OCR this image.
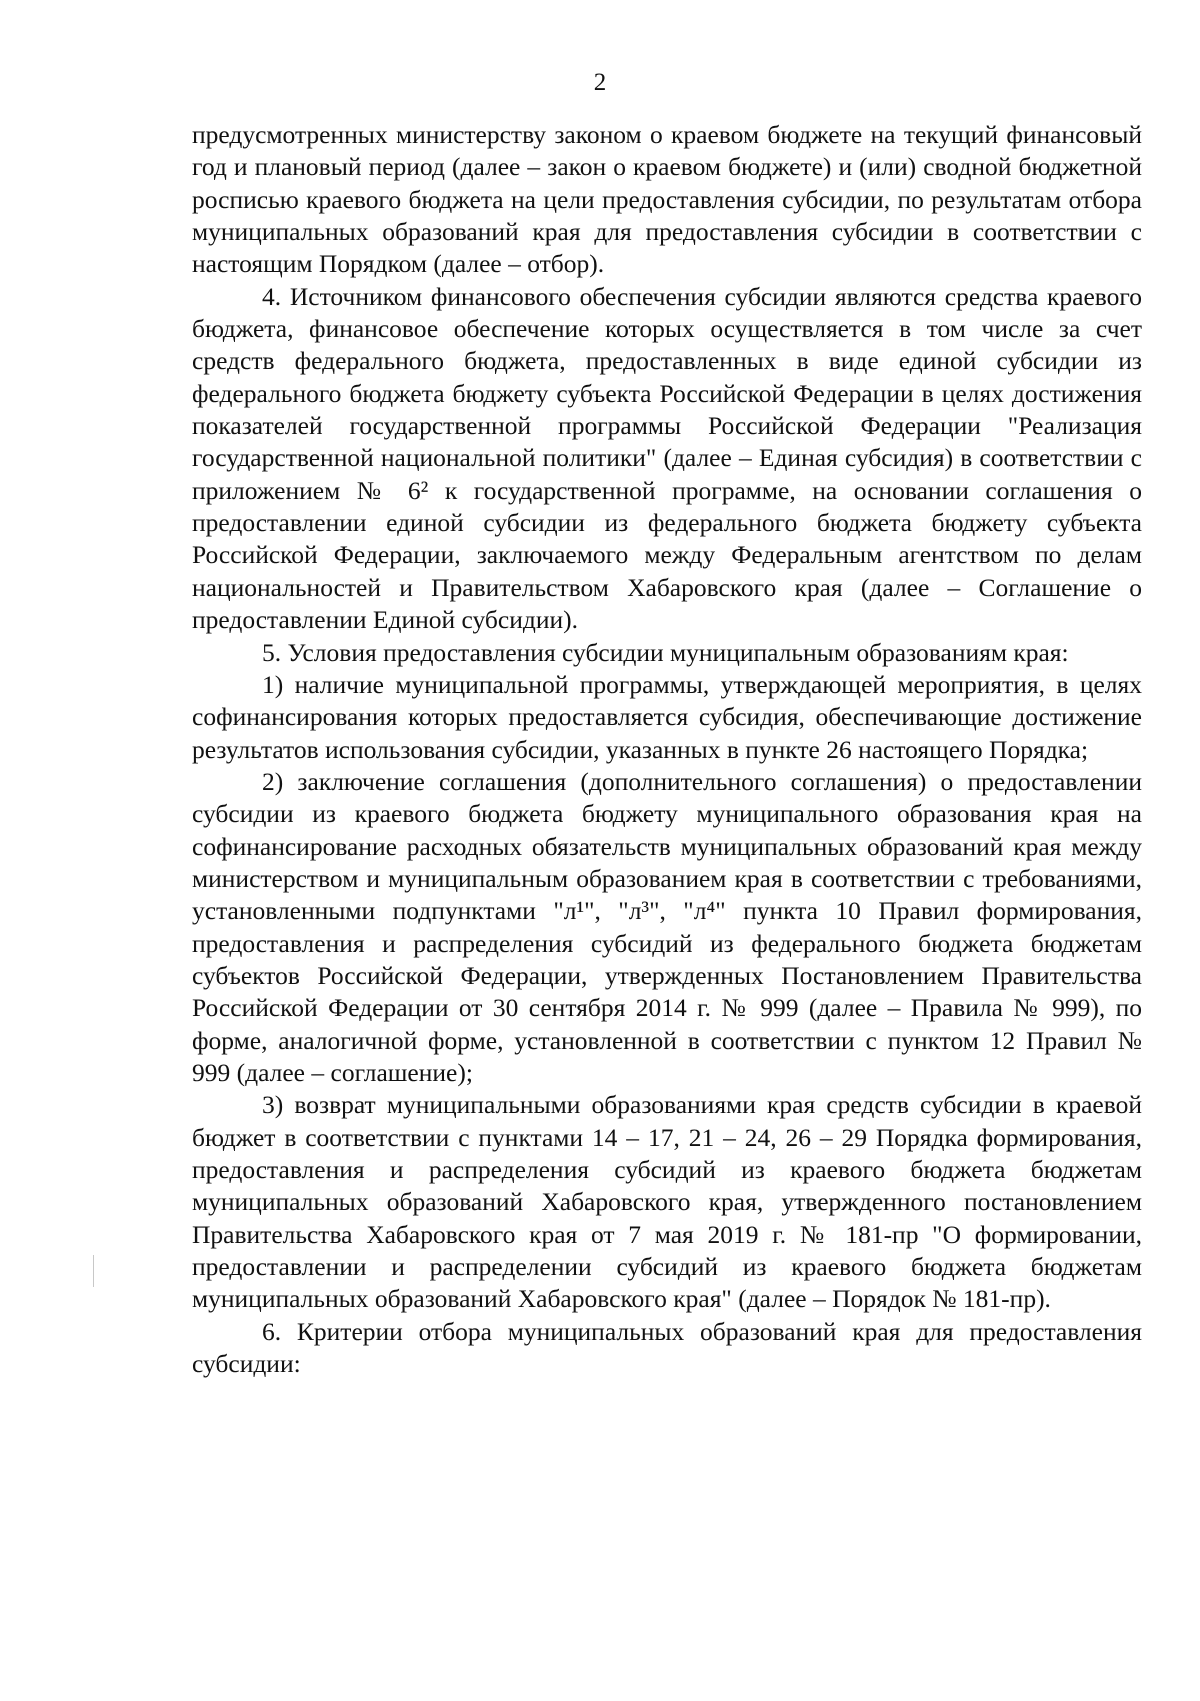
2

предусмотренных министерству законом о краевом бюджете на текущий финансовый год и плановый период (далее – закон о краевом бюджете) и (или) сводной бюджетной росписью краевого бюджета на цели предоставления субсидии, по результатам отбора муниципальных образований края для предоставления субсидии в соответствии с настоящим Порядком (далее – отбор).

4. Источником финансового обеспечения субсидии являются средства краевого бюджета, финансовое обеспечение которых осуществляется в том числе за счет средств федерального бюджета, предоставленных в виде единой субсидии из федерального бюджета бюджету субъекта Российской Федерации в целях достижения показателей государственной программы Российской Федерации "Реализация государственной национальной политики" (далее – Единая субсидия) в соответствии с приложением № 6² к государственной программе, на основании соглашения о предоставлении единой субсидии из федерального бюджета бюджету субъекта Российской Федерации, заключаемого между Федеральным агентством по делам национальностей и Правительством Хабаровского края (далее – Соглашение о предоставлении Единой субсидии).

5. Условия предоставления субсидии муниципальным образованиям края:

1) наличие муниципальной программы, утверждающей мероприятия, в целях софинансирования которых предоставляется субсидия, обеспечивающие достижение результатов использования субсидии, указанных в пункте 26 настоящего Порядка;

2) заключение соглашения (дополнительного соглашения) о предоставлении субсидии из краевого бюджета бюджету муниципального образования края на софинансирование расходных обязательств муниципальных образований края между министерством и муниципальным образованием края в соответствии с требованиями, установленными подпунктами "л¹", "л³", "л⁴" пункта 10 Правил формирования, предоставления и распределения субсидий из федерального бюджета бюджетам субъектов Российской Федерации, утвержденных Постановлением Правительства Российской Федерации от 30 сентября 2014 г. № 999 (далее – Правила № 999), по форме, аналогичной форме, установленной в соответствии с пунктом 12 Правил № 999 (далее – соглашение);

3) возврат муниципальными образованиями края средств субсидии в краевой бюджет в соответствии с пунктами 14 – 17, 21 – 24, 26 – 29 Порядка формирования, предоставления и распределения субсидий из краевого бюджета бюджетам муниципальных образований Хабаровского края, утвержденного постановлением Правительства Хабаровского края от 7 мая 2019 г. № 181-пр "О формировании, предоставлении и распределении субсидий из краевого бюджета бюджетам муниципальных образований Хабаровского края" (далее – Порядок № 181-пр).

6. Критерии отбора муниципальных образований края для предоставления субсидии:
